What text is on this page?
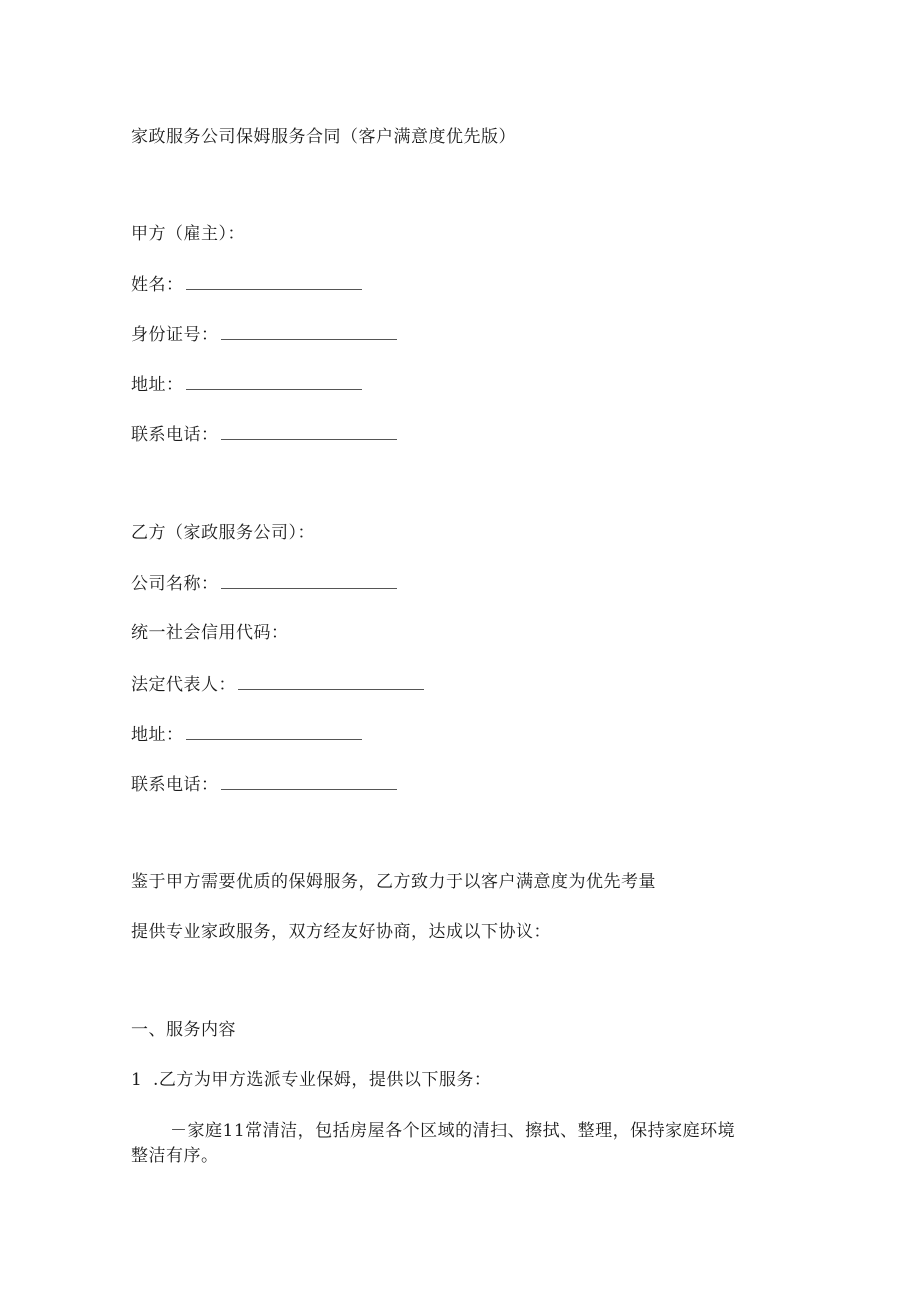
家政服务公司保姆服务合同（客户满意度优先版）
甲方（雇主）：
姓名：
身份证号：
地址：
联系电话：
乙方（家政服务公司）：
公司名称：
统一社会信用代码：
法定代表人：
地址：
联系电话：
鉴于甲方需要优质的保姆服务，乙方致力于以客户满意度为优先考量
提供专业家政服务，双方经友好协商，达成以下协议：
一、服务内容
1 .乙方为甲方选派专业保姆，提供以下服务：
－家庭11常清洁，包括房屋各个区域的清扫、擦拭、整理，保持家庭环境
整洁有序。
